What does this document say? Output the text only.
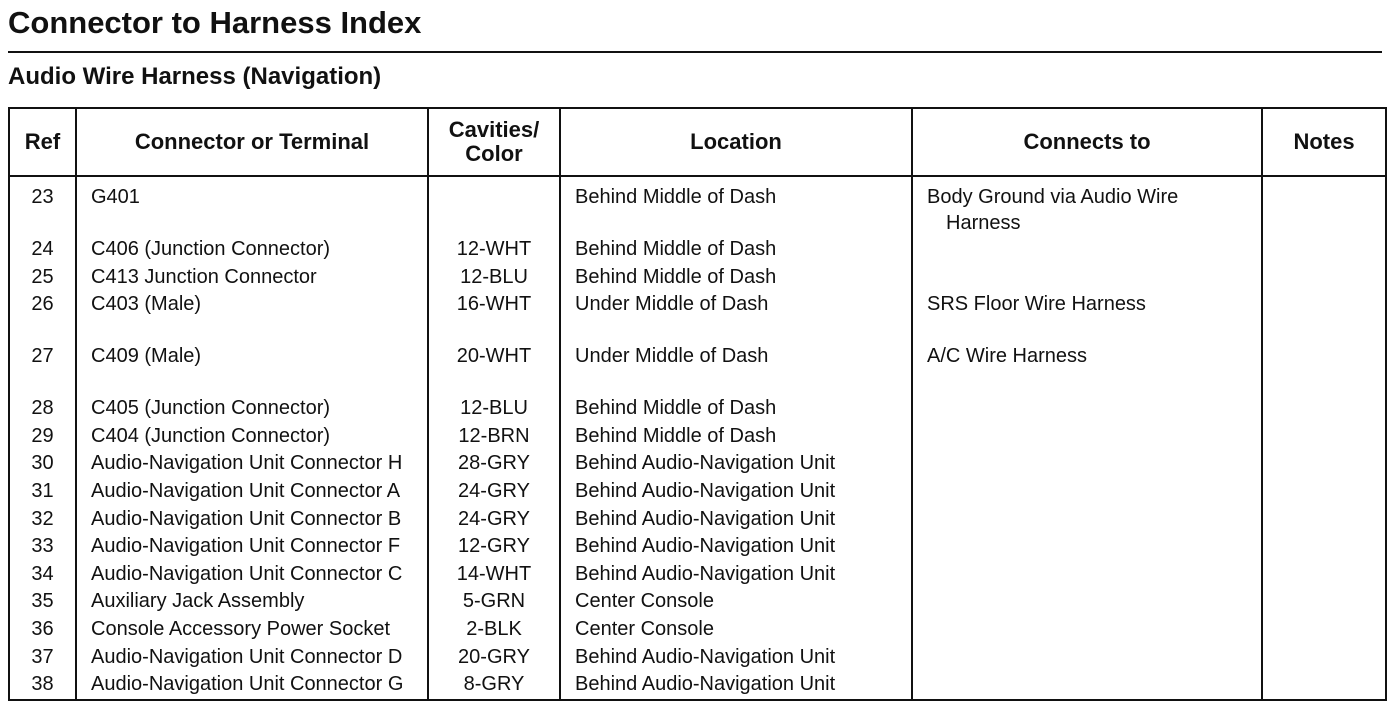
Connector to Harness Index
Audio Wire Harness (Navigation)
Ref	Connector or Terminal	Cavities/
Color	Location	Connects to	Notes
23	G401		Behind Middle of Dash	Body Ground via Audio Wire
Harness	

24	C406 (Junction Connector)	12-WHT	Behind Middle of Dash		
25	C413 Junction Connector	12-BLU	Behind Middle of Dash		
26	C403 (Male)	16-WHT	Under Middle of Dash	SRS Floor Wire Harness	
27	C409 (Male)	20-WHT	Under Middle of Dash	A/C Wire Harness	
28	C405 (Junction Connector)	12-BLU	Behind Middle of Dash		
29	C404 (Junction Connector)	12-BRN	Behind Middle of Dash		
30	Audio-Navigation Unit Connector H	28-GRY	Behind Audio-Navigation Unit		
31	Audio-Navigation Unit Connector A	24-GRY	Behind Audio-Navigation Unit		
32	Audio-Navigation Unit Connector B	24-GRY	Behind Audio-Navigation Unit		
33	Audio-Navigation Unit Connector F	12-GRY	Behind Audio-Navigation Unit		
34	Audio-Navigation Unit Connector C	14-WHT	Behind Audio-Navigation Unit		
35	Auxiliary Jack Assembly	5-GRN	Center Console		
36	Console Accessory Power Socket	2-BLK	Center Console		
37	Audio-Navigation Unit Connector D	20-GRY	Behind Audio-Navigation Unit		
38	Audio-Navigation Unit Connector G	8-GRY	Behind Audio-Navigation Unit		
